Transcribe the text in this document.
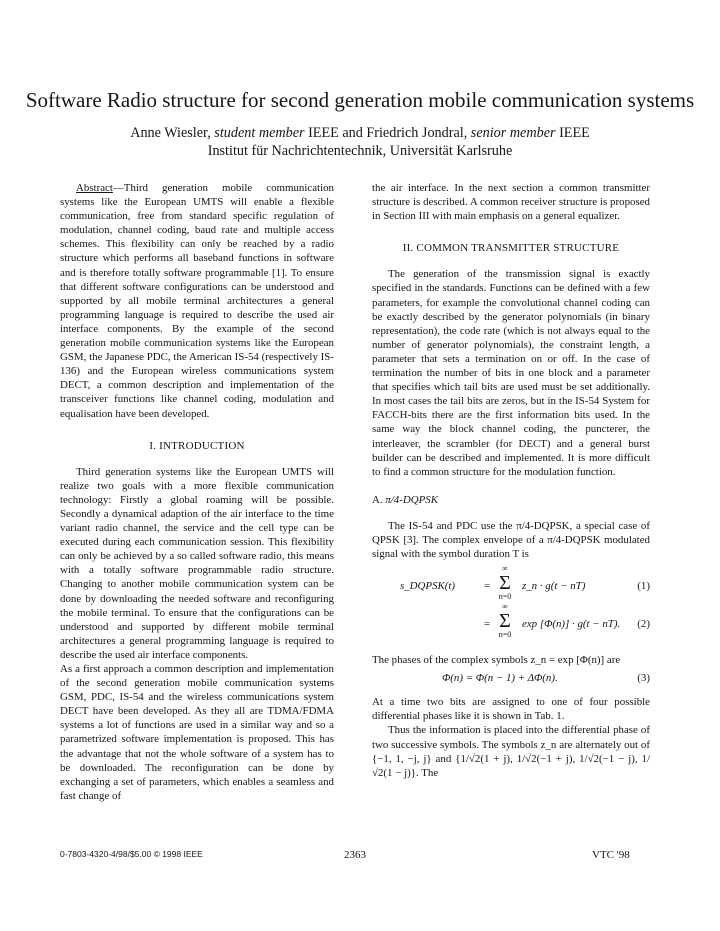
Software Radio structure for second generation mobile communication systems
Anne Wiesler, student member IEEE and Friedrich Jondral, senior member IEEE
Institut für Nachrichtentechnik, Universität Karlsruhe

Abstract—Third generation mobile communication systems like the European UMTS will enable a flexible communication, free from standard specific regulation of modulation, channel coding, baud rate and multiple access schemes. This flexibility can only be reached by a radio structure which performs all baseband functions in software and is therefore totally software programmable [1]. To ensure that different software configurations can be understood and supported by all mobile terminal architectures a general programming language is required to describe the used air interface components. By the example of the second generation mobile communication systems like the European GSM, the Japanese PDC, the American IS-54 (respectively IS-136) and the European wireless communications system DECT, a common description and implementation of the transceiver functions like channel coding, modulation and equalisation have been developed.

I. INTRODUCTION

Third generation systems like the European UMTS will realize two goals with a more flexible communication technology: Firstly a global roaming will be possible. Secondly a dynamical adaption of the air interface to the time variant radio channel, the service and the cell type can be executed during each communication session. This flexibility can only be achieved by a so called software radio, this means with a totally software programmable radio structure. Changing to another mobile communication system can be done by downloading the needed software and reconfiguring the mobile terminal. To ensure that the configurations can be understood and supported by different mobile terminal architectures a general programming language is required to describe the used air interface components.

As a first approach a common description and implementation of the second generation mobile communication systems GSM, PDC, IS-54 and the wireless communications system DECT have been developed. As they all are TDMA/FDMA systems a lot of functions are used in a similar way and so a parametrized software implementation is proposed. This has the advantage that not the whole software of a system has to be downloaded. The reconfiguration can be done by exchanging a set of parameters, which enables a seamless and fast change of

the air interface. In the next section a common transmitter structure is described. A common receiver structure is proposed in Section III with main emphasis on a general equalizer.

II. COMMON TRANSMITTER STRUCTURE

The generation of the transmission signal is exactly specified in the standards. Functions can be defined with a few parameters, for example the convolutional channel coding can be exactly described by the generator polynomials (in binary representation), the code rate (which is not always equal to the number of generator polynomials), the constraint length, a parameter that sets a termination on or off. In the case of termination the number of bits in one block and a parameter that specifies which tail bits are used must be set additionally. In most cases the tail bits are zeros, but in the IS-54 System for FACCH-bits there are the first information bits used. In the same way the block channel coding, the puncterer, the interleaver, the scrambler (for DECT) and a general burst builder can be described and implemented. It is more difficult to find a common structure for the modulation function.

A. π/4-DQPSK

The IS-54 and PDC use the π/4-DQPSK, a special case of QPSK [3]. The complex envelope of a π/4-DQPSK modulated signal with the symbol duration T is

s_DQPSK(t)	=
∞
Σ
n=0
z_n · g(t − nT)	(1)
=
∞
Σ
n=0
exp [Φ(n)] · g(t − nT). (2)

The phases of the complex symbols z_n = exp [Φ(n)] are

Φ(n) = Φ(n − 1) + ΔΦ(n).	(3)

At a time two bits are assigned to one of four possible differential phases like it is shown in Tab. 1.

Thus the information is placed into the differential phase of two successive symbols. The symbols z_n are alternately out of {−1, 1, −j, j} and {1/√2(1 + j), 1/√2(−1 + j), 1/√2(−1 − j), 1/√2(1 − j)}. The

0-7803-4320-4/98/$5.00 © 1998 IEEE	2363	VTC '98
